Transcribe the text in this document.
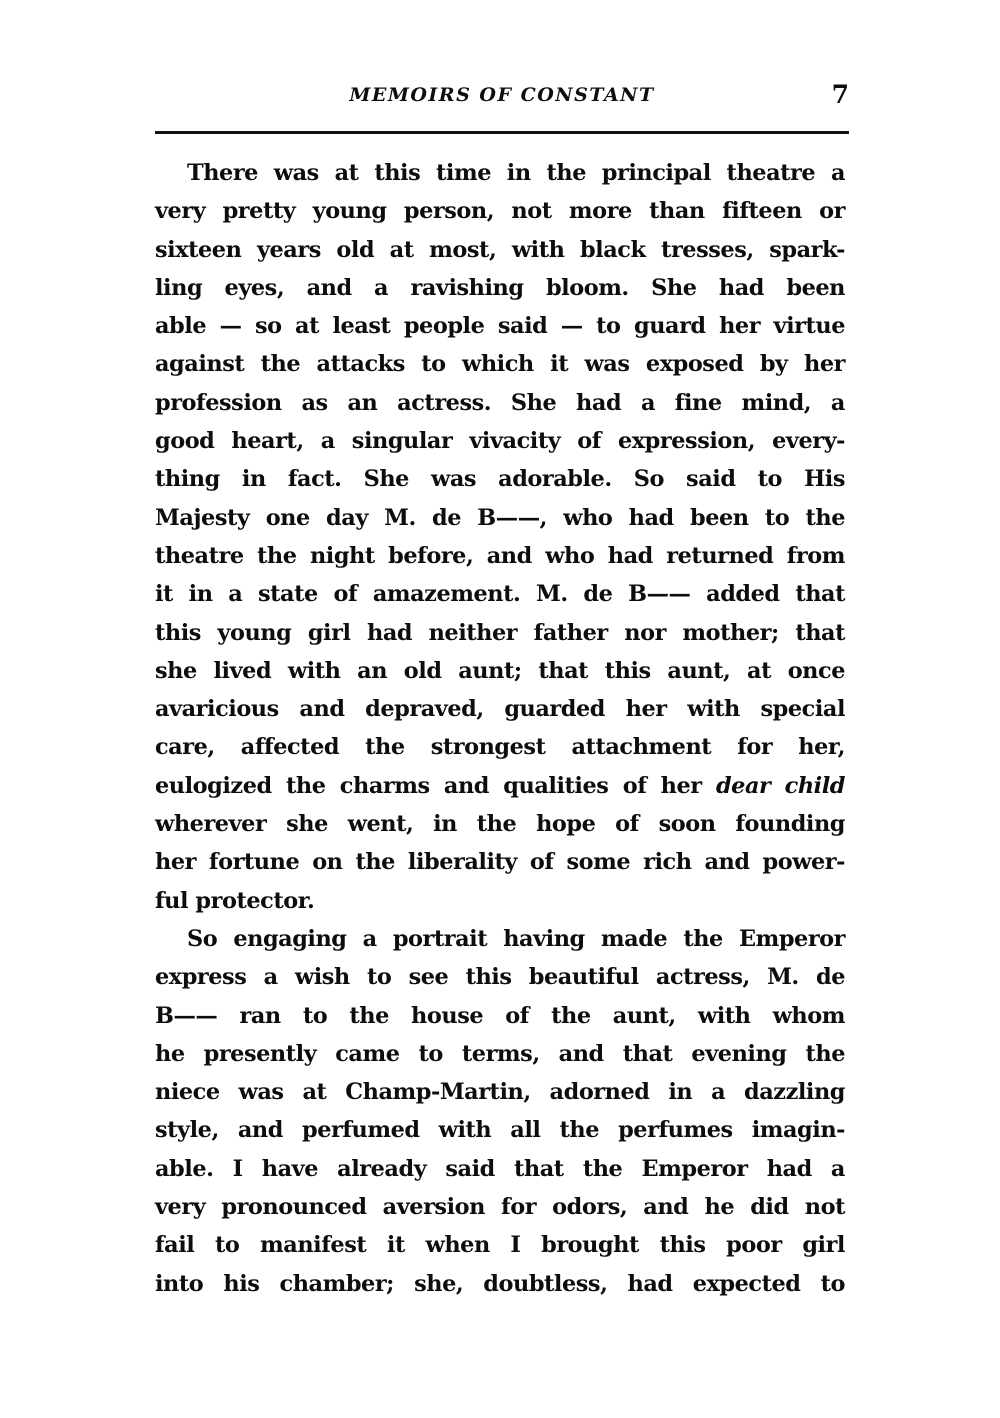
MEMOIRS OF CONSTANT	7
There was at this time in the principal theatre a
very pretty young person, not more than fifteen or
sixteen years old at most, with black tresses, spark-
ling eyes, and a ravishing bloom. She had been
able — so at least people said — to guard her virtue
against the attacks to which it was exposed by her
profession as an actress. She had a fine mind, a
good heart, a singular vivacity of expression, every-
thing in fact. She was adorable. So said to His
Majesty one day M. de B——, who had been to the
theatre the night before, and who had returned from
it in a state of amazement. M. de B—— added that
this young girl had neither father nor mother; that
she lived with an old aunt; that this aunt, at once
avaricious and depraved, guarded her with special
care, affected the strongest attachment for her,
eulogized the charms and qualities of her dear child
wherever she went, in the hope of soon founding
her fortune on the liberality of some rich and power-
ful protector.
So engaging a portrait having made the Emperor
express a wish to see this beautiful actress, M. de
B—— ran to the house of the aunt, with whom
he presently came to terms, and that evening the
niece was at Champ-Martin, adorned in a dazzling
style, and perfumed with all the perfumes imagin-
able. I have already said that the Emperor had a
very pronounced aversion for odors, and he did not
fail to manifest it when I brought this poor girl
into his chamber; she, doubtless, had expected to
